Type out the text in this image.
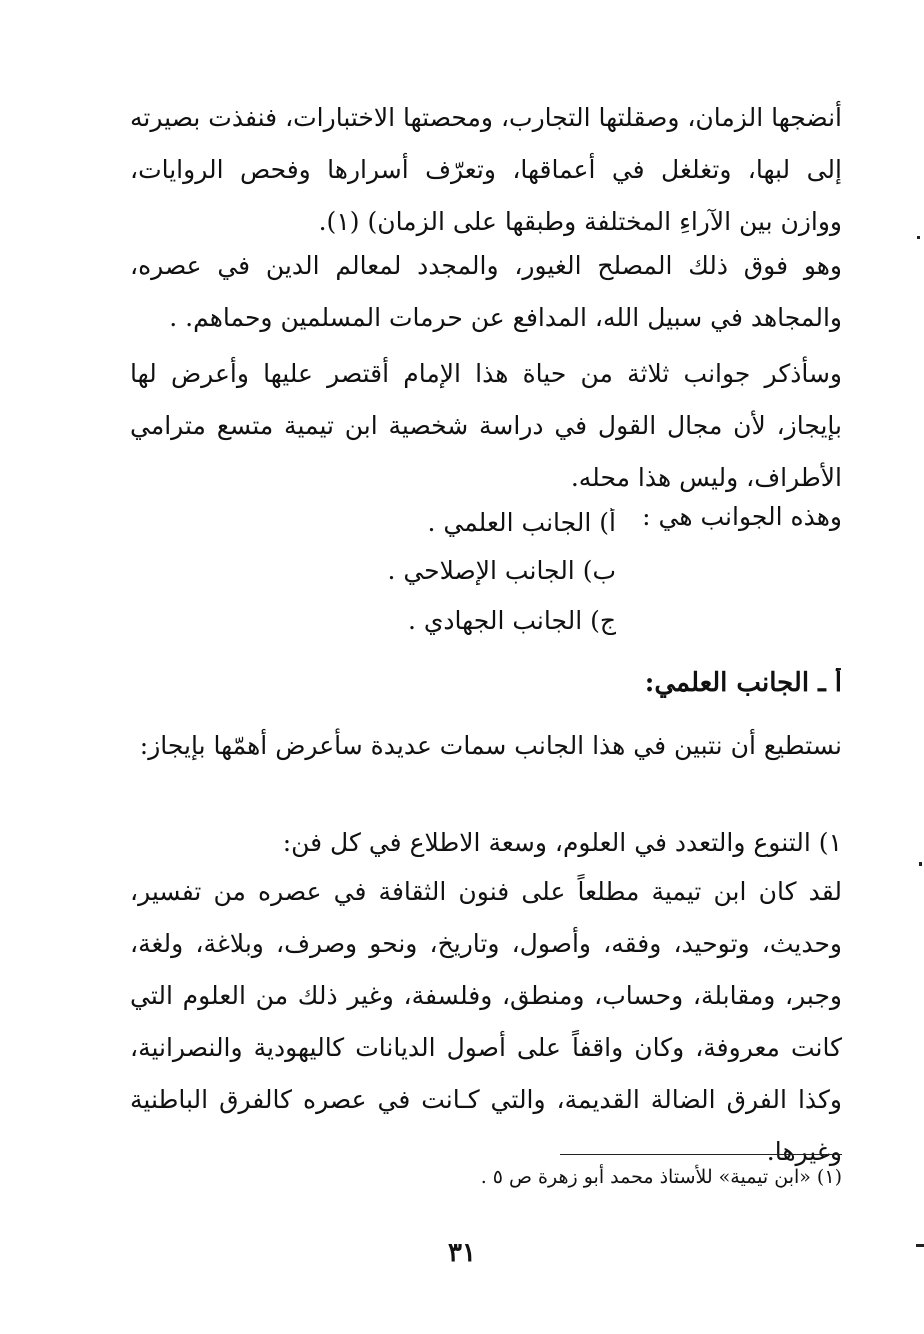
أنضجها الزمان، وصقلتها التجارب، ومحصتها الاختبارات، فنفذت بصيرته إلى لبها، وتغلغل في أعماقها، وتعرّف أسرارها وفحص الروايات، ووازن بين الآراءِ المختلفة وطبقها على الزمان) (١).

وهو فوق ذلك المصلح الغيور، والمجدد لمعالم الدين في عصره، والمجاهد في سبيل الله، المدافع عن حرمات المسلمين وحماهم. .

وسأذكر جوانب ثلاثة من حياة هذا الإمام أقتصر عليها وأعرض لها بإيجاز، لأن مجال القول في دراسة شخصية ابن تيمية متسع مترامي الأطراف، وليس هذا محله.

وهذه الجوانب هي :
أ) الجانب العلمي .
ب) الجانب الإصلاحي .
ج) الجانب الجهادي .
أ ـ الجانب العلمي:

نستطيع أن نتبين في هذا الجانب سمات عديدة سأعرض أهمّها بإيجاز:

١) التنوع والتعدد في العلوم، وسعة الاطلاع في كل فن:

لقد كان ابن تيمية مطلعاً على فنون الثقافة في عصره من تفسير، وحديث، وتوحيد، وفقه، وأصول، وتاريخ، ونحو وصرف، وبلاغة، ولغة، وجبر، ومقابلة، وحساب، ومنطق، وفلسفة، وغير ذلك من العلوم التي كانت معروفة، وكان واقفاً على أصول الديانات كاليهودية والنصرانية، وكذا الفرق الضالة القديمة، والتي كـانت في عصره كالفرق الباطنية وغيرها.

(١) «ابن تيمية» للأستاذ محمد أبو زهرة ص ٥ .
٣١
